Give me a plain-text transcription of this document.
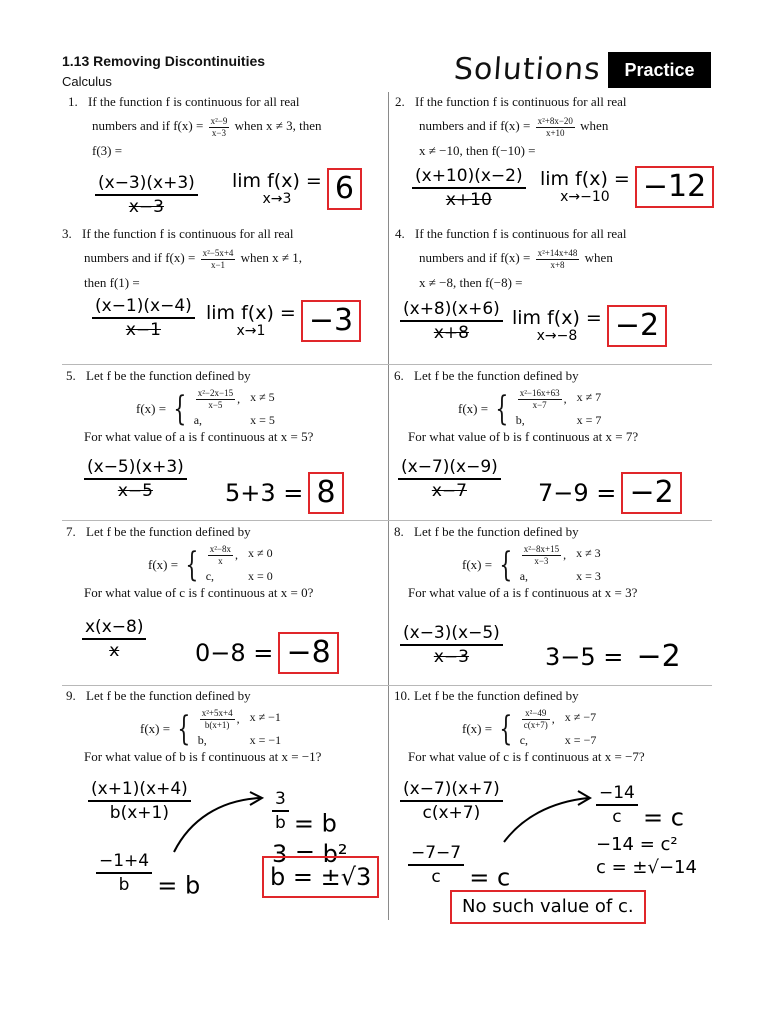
1.13 Removing Discontinuities
Calculus	Solutions	Practice
1. If the function f is continuous for all real
numbers and if $f(x) = \frac{\text{x²−9}}{x-3}$ when x ≠ 3, then
f(3) =
$\frac{(x-3)(x+3)}{x-3}$ lim f(x) =
x→3	6
2. If the function f is continuous for all real
numbers and if $f(x) = \frac{\text{x²+8x−20}}{x+10}$ when
x ≠ −10, then f(−10) =
$\frac{(x+10)(x-2)}{x+10}$ lim f(x) =
x→−10	−12
3. If the function f is continuous for all real
numbers and if $f(x) = \frac{\text{x²−5x+4}}{x-1}$ when x ≠ 1,
then f(1) =
$\frac{(x-1)(x-4)}{x-1}$ lim f(x) =
x→1	−3
4. If the function f is continuous for all real
numbers and if $f(x) = \frac{\text{x²+14x+48}}{x+8}$ when
x ≠ −8, then f(−8) =
$\frac{(x+8)(x+6)}{x+8}$ lim f(x) =
x→−8	−2
5. Let f be the function defined by
f(x) = { $\frac{\text{x²−2x−15}}{x-5}$ , x ≠ 5
a,	x = 5
For what value of a is f continuous at x = 5?
$\frac{(x-5)(x+3)}{x-5} 5+3 = 8$
6. Let f be the function defined by
f(x) = { $\frac{\text{x²−16x+63}}{x-7}$ , x ≠ 7
b,	x = 7
For what value of b is f continuous at x = 7?
$\frac{(x-7)(x-9)}{x-7} 7-9 = -2$
7. Let f be the function defined by
f(x) = { $\frac{\text{x²−8x}}{x}$ , x ≠ 0
c,	x = 0
For what value of c is f continuous at x = 0?
$\frac{x(x-8)}{x} 0-8 = -8$
8. Let f be the function defined by
f(x) = { $\frac{\text{x²−8x+15}}{x-3}$ , x ≠ 3
a,	x = 3
For what value of a is f continuous at x = 3?
$\frac{(x-3)(x-5)}{x-3} 3-5 = -2$
9. Let f be the function defined by
f(x) = { $\frac{\text{x²+5x+4}}{b(x+1)}$ , x ≠ −1
b,	x = −1
For what value of b is f continuous at x = −1?
$\frac{(x+1)(x+4)}{b(x+1)}$
$\frac{-1+4}{b} = b$
$\frac{3}{b} = b$
3 = b²
b = ±√3
10. Let f be the function defined by
f(x) = { $\frac{\text{x²−49}}{c(x+7)}$ , x ≠ −7
c,	x = −7
For what value of c is f continuous at x = −7?
$\frac{(x-7)(x+7)}{c(x+7)}$
$\frac{-7-7}{c} = c$
$\frac{-14}{c} = c$
−14 = c²
c = ±√−14
No such value of c.
